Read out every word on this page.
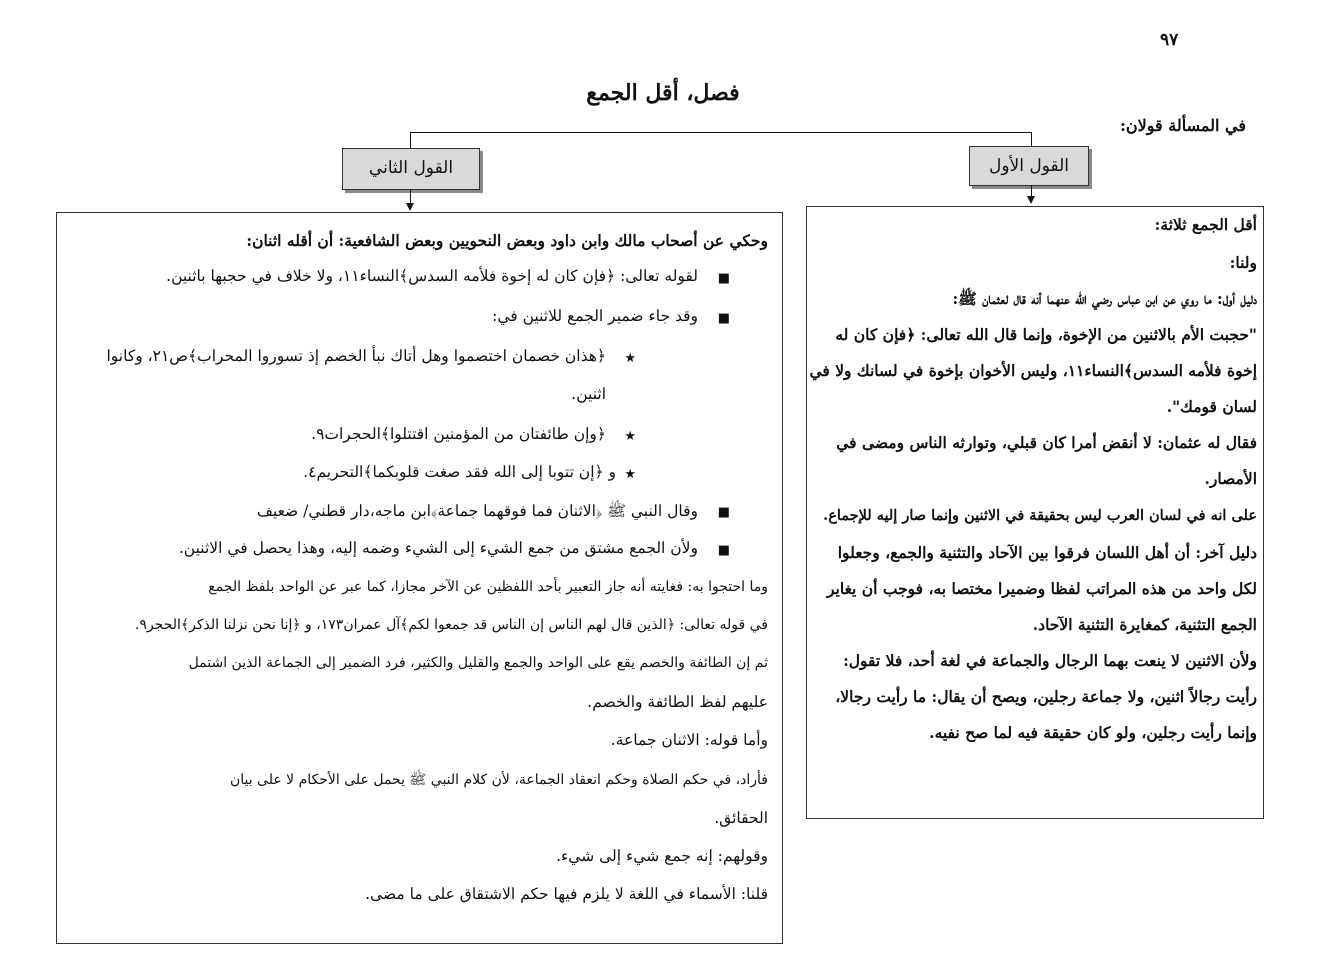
٩٧
فصل، أقل الجمع
في المسألة قولان:
القول الأول
القول الثاني
أقل الجمع ثلاثة:
ولنا:
دليل أول: ما روي عن ابن عباس رضي الله عنهما أنه قال لعثمان ﷺ:
"حجبت الأم بالاثنين من الإخوة، وإنما قال الله تعالى: ﴿فإن كان له
إخوة فلأمه السدس﴾النساء١١، وليس الأخوان بإخوة في لسانك ولا في
لسان قومك".
فقال له عثمان: لا أنقض أمرا كان قبلي، وتوارثه الناس ومضى في
الأمصار.
على انه في لسان العرب ليس بحقيقة في الاثنين وإنما صار إليه للإجماع.
دليل آخر: أن أهل اللسان فرقوا بين الآحاد والتثنية والجمع، وجعلوا
لكل واحد من هذه المراتب لفظا وضميرا مختصا به، فوجب أن يغاير
الجمع التثنية، كمغايرة التثنية الآحاد.
ولأن الاثنين لا ينعت بهما الرجال والجماعة في لغة أحد، فلا تقول:
رأيت رجالاً اثنين، ولا جماعة رجلين، ويصح أن يقال: ما رأيت رجالا،
وإنما رأيت رجلين، ولو كان حقيقة فيه لما صح نفيه.
وحكي عن أصحاب مالك وابن داود وبعض النحويين وبعض الشافعية: أن أقله اثنان:
■
لقوله تعالى: ﴿فإن كان له إخوة فلأمه السدس﴾النساء١١، ولا خلاف في حجبها باثنين.
■
وقد جاء ضمير الجمع للاثنين في:
★
﴿هذان خصمان اختصموا وهل أتاك نبأ الخصم إذ تسوروا المحراب﴾ص٢١، وكانوا
اثنين.
★
﴿وإن طائفتان من المؤمنين اقتتلوا﴾الحجرات٩.
★
و ﴿إن تتوبا إلى الله فقد صغت قلوبكما﴾التحريم٤.
■
وقال النبي ﷺ ﴿الاثنان فما فوقهما جماعة﴾ابن ماجه،دار قطني/ ضعيف
■
ولأن الجمع مشتق من جمع الشيء إلى الشيء وضمه إليه، وهذا يحصل في الاثنين.
وما احتجوا به: فغايته أنه جاز التعبير بأحد اللفظين عن الآخر مجازا، كما عبر عن الواحد بلفظ الجمع
في قوله تعالى: ﴿الذين قال لهم الناس إن الناس قد جمعوا لكم﴾آل عمران١٧٣، و ﴿إنا نحن نزلنا الذكر﴾الحجر٩.
ثم إن الطائفة والخصم يقع على الواحد والجمع والقليل والكثير، فرد الضمير إلى الجماعة الذين اشتمل
عليهم لفظ الطائفة والخصم.
وأما قوله: الاثنان جماعة.
فأراد، في حكم الصلاة وحكم انعقاد الجماعة، لأن كلام النبي ﷺ يحمل على الأحكام لا على بيان
الحقائق.
وقولهم: إنه جمع شيء إلى شيء.
قلنا: الأسماء في اللغة لا يلزم فيها حكم الاشتقاق على ما مضى.
